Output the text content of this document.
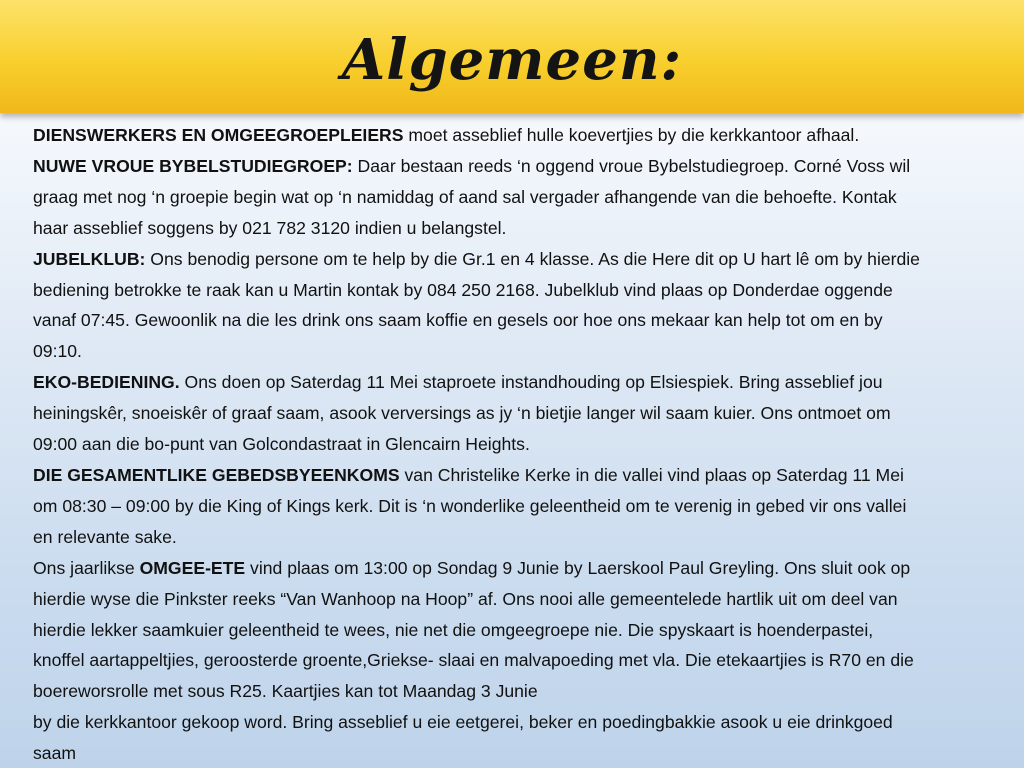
Algemeen:
DIENSWERKERS EN OMGEEGROEPLEIERS moet asseblief hulle koevertjies by die kerkkantoor afhaal.
NUWE VROUE BYBELSTUDIEGROEP: Daar bestaan reeds ‘n oggend vroue Bybelstudiegroep. Corné Voss wil
graag met nog ‘n groepie begin wat op ‘n namiddag of aand sal vergader afhangende van die behoefte. Kontak
haar asseblief soggens by 021 782 3120 indien u belangstel.
JUBELKLUB: Ons benodig persone om te help by die Gr.1 en 4 klasse. As die Here dit op U hart lê om by hierdie
bediening betrokke te raak kan u Martin kontak by 084 250 2168. Jubelklub vind plaas op Donderdae oggende
vanaf 07:45. Gewoonlik na die les drink ons saam koffie en gesels oor hoe ons mekaar kan help tot om en by
09:10.
EKO-BEDIENING. Ons doen op Saterdag 11 Mei staproete instandhouding op Elsiespiek. Bring asseblief jou
heiningskêr, snoeiskêr of graaf saam, asook verversings as jy ‘n bietjie langer wil saam kuier. Ons ontmoet om
09:00 aan die bo-punt van Golcondastraat in Glencairn Heights.
DIE GESAMENTLIKE GEBEDSBYEENKOMS van Christelike Kerke in die vallei vind plaas op Saterdag 11 Mei
om 08:30 – 09:00 by die King of Kings kerk. Dit is ‘n wonderlike geleentheid om te verenig in gebed vir ons vallei
en relevante sake.
Ons jaarlikse OMGEE-ETE vind plaas om 13:00 op Sondag 9 Junie by Laerskool Paul Greyling. Ons sluit ook op
hierdie wyse die Pinkster reeks “Van Wanhoop na Hoop” af. Ons nooi alle gemeentelede hartlik uit om deel van
hierdie lekker saamkuier geleentheid te wees, nie net die omgeegroepe nie. Die spyskaart is hoenderpastei,
knoffel aartappeltjies, geroosterde groente,Griekse- slaai en malvapoeding met vla. Die etekaartjies is R70 en die
boereworsrolle met sous R25. Kaartjies kan tot Maandag 3 Junie
by die kerkkantoor gekoop word. Bring asseblief u eie eetgerei, beker en poedingbakkie asook u eie drinkgoed
saam
